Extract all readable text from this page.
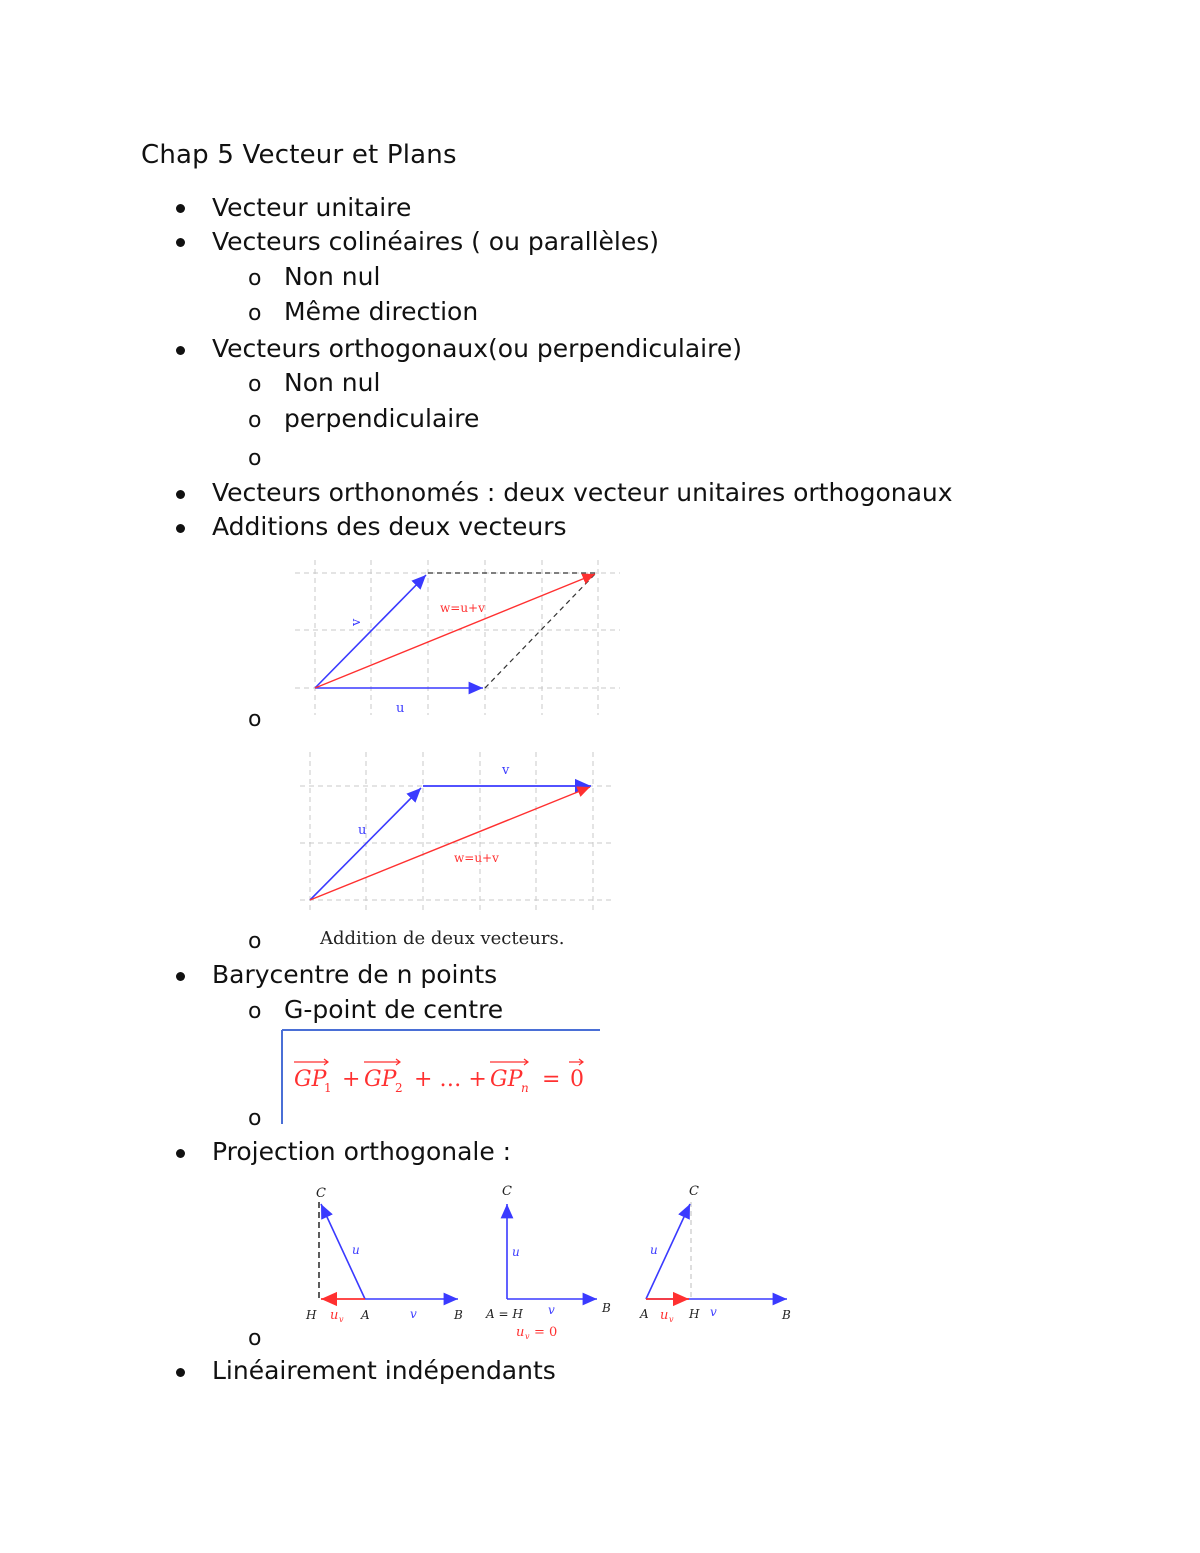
Chap 5 Vecteur et Plans
Vecteur unitaire
Vecteurs colinéaires ( ou parallèles)
o Non nul
o Même direction
Vecteurs orthogonaux(ou perpendiculaire)
o Non nul
o perpendiculaire
o
Vecteurs orthonomés : deux vecteur unitaires orthogonaux
Additions des deux vecteurs
v
w=u+v
u
o
v
u
w=u+v
Addition de deux vecteurs.
o
Barycentre de n points
o G-point de centre
GP
1 + GP
2 + … + GP
n = 0
o
Projection orthogonale :
C
u
H u v A	v	B
C
u
A = H v	B
u v = 0
C
u
A u v H v	B
o
Linéairement indépendants
